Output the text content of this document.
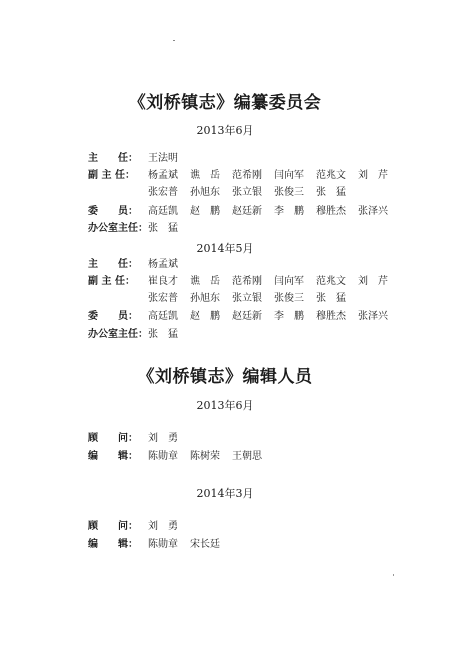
《刘桥镇志》编纂委员会
2013年6月
主　　任：	王法明
副 主 任：	杨孟斌	谯　岳	范希刚	闫向军	范兆文	刘　芹
张宏普	孙旭东	张立银	张俊三	张　猛
委　　员：	高廷凯	赵　鹏	赵廷新	李　鹏	穆胜杰	张泽兴
办公室主任： 张　猛
2014年5月
主　　任：	杨孟斌
副 主 任：	崔良才	谯　岳	范希刚	闫向军	范兆文	刘　芹
张宏普	孙旭东	张立银	张俊三	张　猛
委　　员：	高廷凯	赵　鹏	赵廷新	李　鹏	穆胜杰	张泽兴
办公室主任： 张　猛
《刘桥镇志》编辑人员
2013年6月
顾　　问：	刘　勇
编　　辑：	陈勋章	陈树荣	王朝思
2014年3月
顾　　问：	刘　勇
编　　辑：	陈勋章	宋长廷
